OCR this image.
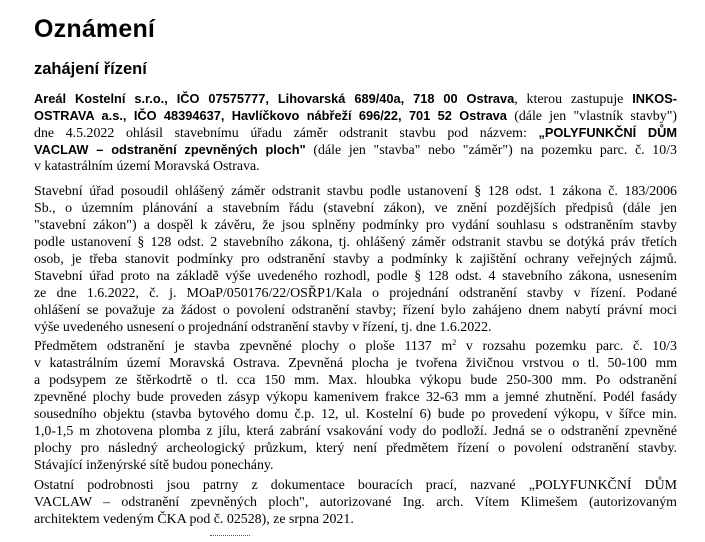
Oznámení
zahájení řízení
Areál Kostelní s.r.o., IČO 07575777, Lihovarská 689/40a, 718 00 Ostrava, kterou zastupuje INKOS-
OSTRAVA a.s., IČO 48394637, Havlíčkovo nábřeží 696/22, 701 52 Ostrava (dále jen "vlastník stavby")
dne 4.5.2022 ohlásil stavebnímu úřadu záměr odstranit stavbu pod názvem: „POLYFUNKČNÍ DŮM
VACLAW – odstranění zpevněných ploch" (dále jen "stavba" nebo "záměr") na pozemku parc. č. 10/3
v katastrálním území Moravská Ostrava.
Stavební úřad posoudil ohlášený záměr odstranit stavbu podle ustanovení § 128 odst. 1 zákona č. 183/2006
Sb., o územním plánování a stavebním řádu (stavební zákon), ve znění pozdějších předpisů (dále jen
"stavební zákon") a dospěl k závěru, že jsou splněny podmínky pro vydání souhlasu s odstraněním stavby
podle ustanovení § 128 odst. 2 stavebního zákona, tj. ohlášený záměr odstranit stavbu se dotýká práv třetích
osob, je třeba stanovit podmínky pro odstranění stavby a podmínky k zajištění ochrany veřejných zájmů.
Stavební úřad proto na základě výše uvedeného rozhodl, podle § 128 odst. 4 stavebního zákona, usnesením
ze dne 1.6.2022, č. j. MOaP/050176/22/OSŘP1/Kala o projednání odstranění stavby v řízení. Podané
ohlášení se považuje za žádost o povolení odstranění stavby; řízení bylo zahájeno dnem nabytí právní moci
výše uvedeného usnesení o projednání odstranění stavby v řízení, tj. dne 1.6.2022.
Předmětem odstranění je stavba zpevněné plochy o ploše 1137 $m^2$ v rozsahu pozemku parc. č. 10/3
v katastrálním území Moravská Ostrava. Zpevněná plocha je tvořena živičnou vrstvou o tl. 50-100 mm
a podsypem ze štěrkodrtě o tl. cca 150 mm. Max. hloubka výkopu bude 250-300 mm. Po odstranění
zpevněné plochy bude proveden zásyp výkopu kamenivem frakce 32-63 mm a jemné zhutnění. Podél fasády
sousedního objektu (stavba bytového domu č.p. 12, ul. Kostelní 6) bude po provedení výkopu, v šířce min.
1,0-1,5 m zhotovena plomba z jílu, která zabrání vsakování vody do podloží. Jedná se o odstranění zpevněné
plochy pro následný archeologický průzkum, který není předmětem řízení o povolení odstranění stavby.
Stávající inženýrské sítě budou ponechány.
Ostatní podrobnosti jsou patrny z dokumentace bouracích prací, nazvané „POLYFUNKČNÍ DŮM
VACLAW – odstranění zpevněných ploch", autorizované Ing. arch. Vítem Klimešem (autorizovaným
architektem vedeným ČKA pod č. 02528), ze srpna 2021.
